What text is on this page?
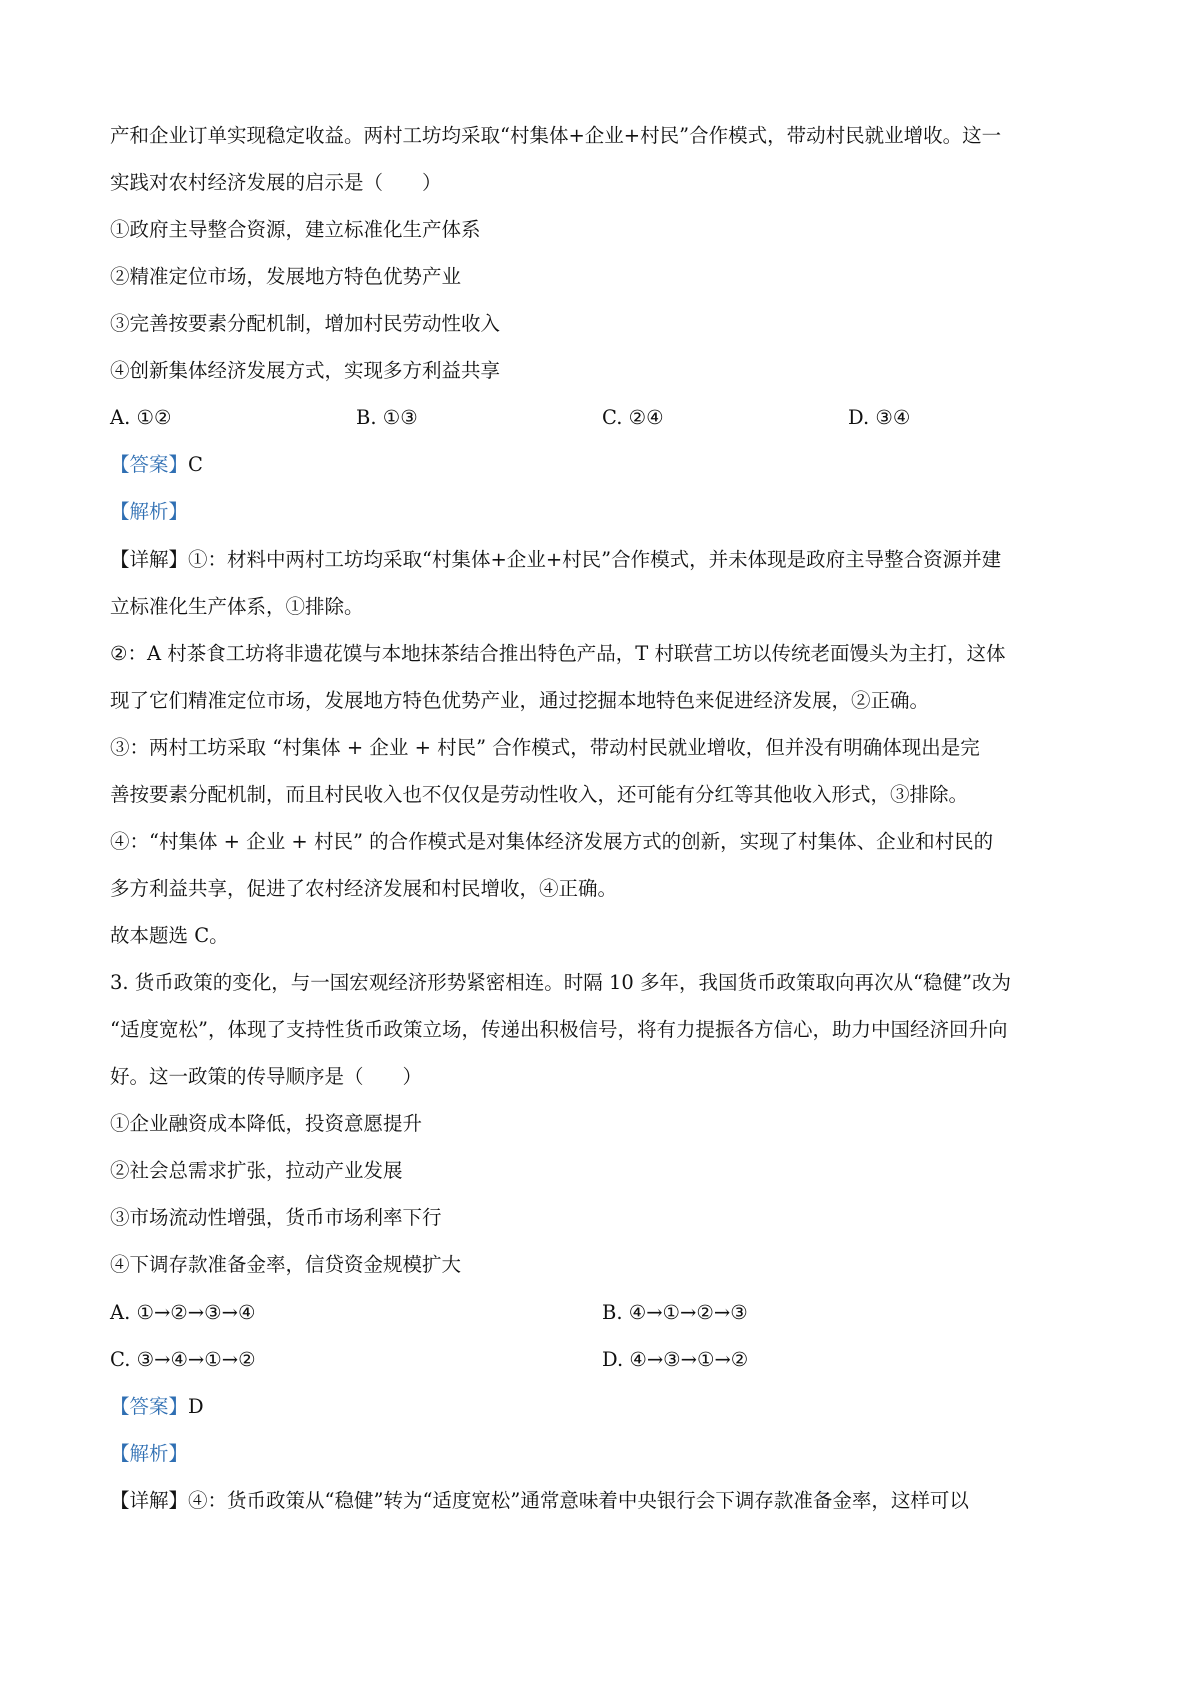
产和企业订单实现稳定收益。两村工坊均采取“村集体+企业+村民”合作模式，带动村民就业增收。这一
实践对农村经济发展的启示是（　　）
①政府主导整合资源，建立标准化生产体系
②精准定位市场，发展地方特色优势产业
③完善按要素分配机制，增加村民劳动性收入
④创新集体经济发展方式，实现多方利益共享
A. ①②	B. ①③	C. ②④	D. ③④
【答案】C
【解析】
【详解】①：材料中两村工坊均采取“村集体+企业+村民”合作模式，并未体现是政府主导整合资源并建
立标准化生产体系，①排除。
②：A 村茶食工坊将非遗花馍与本地抹茶结合推出特色产品，T 村联营工坊以传统老面馒头为主打，这体
现了它们精准定位市场，发展地方特色优势产业，通过挖掘本地特色来促进经济发展，②正确。
③：两村工坊采取 “村集体 + 企业 + 村民” 合作模式，带动村民就业增收，但并没有明确体现出是完
善按要素分配机制，而且村民收入也不仅仅是劳动性收入，还可能有分红等其他收入形式，③排除。
④：“村集体 + 企业 + 村民” 的合作模式是对集体经济发展方式的创新，实现了村集体、企业和村民的
多方利益共享，促进了农村经济发展和村民增收，④正确。
故本题选 C。
3. 货币政策的变化，与一国宏观经济形势紧密相连。时隔 10 多年，我国货币政策取向再次从“稳健”改为
“适度宽松”，体现了支持性货币政策立场，传递出积极信号，将有力提振各方信心，助力中国经济回升向
好。这一政策的传导顺序是（　　）
①企业融资成本降低，投资意愿提升
②社会总需求扩张，拉动产业发展
③市场流动性增强，货币市场利率下行
④下调存款准备金率，信贷资金规模扩大
A. ①→②→③→④	B. ④→①→②→③
C. ③→④→①→②	D. ④→③→①→②
【答案】D
【解析】
【详解】④：货币政策从“稳健”转为“适度宽松”通常意味着中央银行会下调存款准备金率，这样可以
